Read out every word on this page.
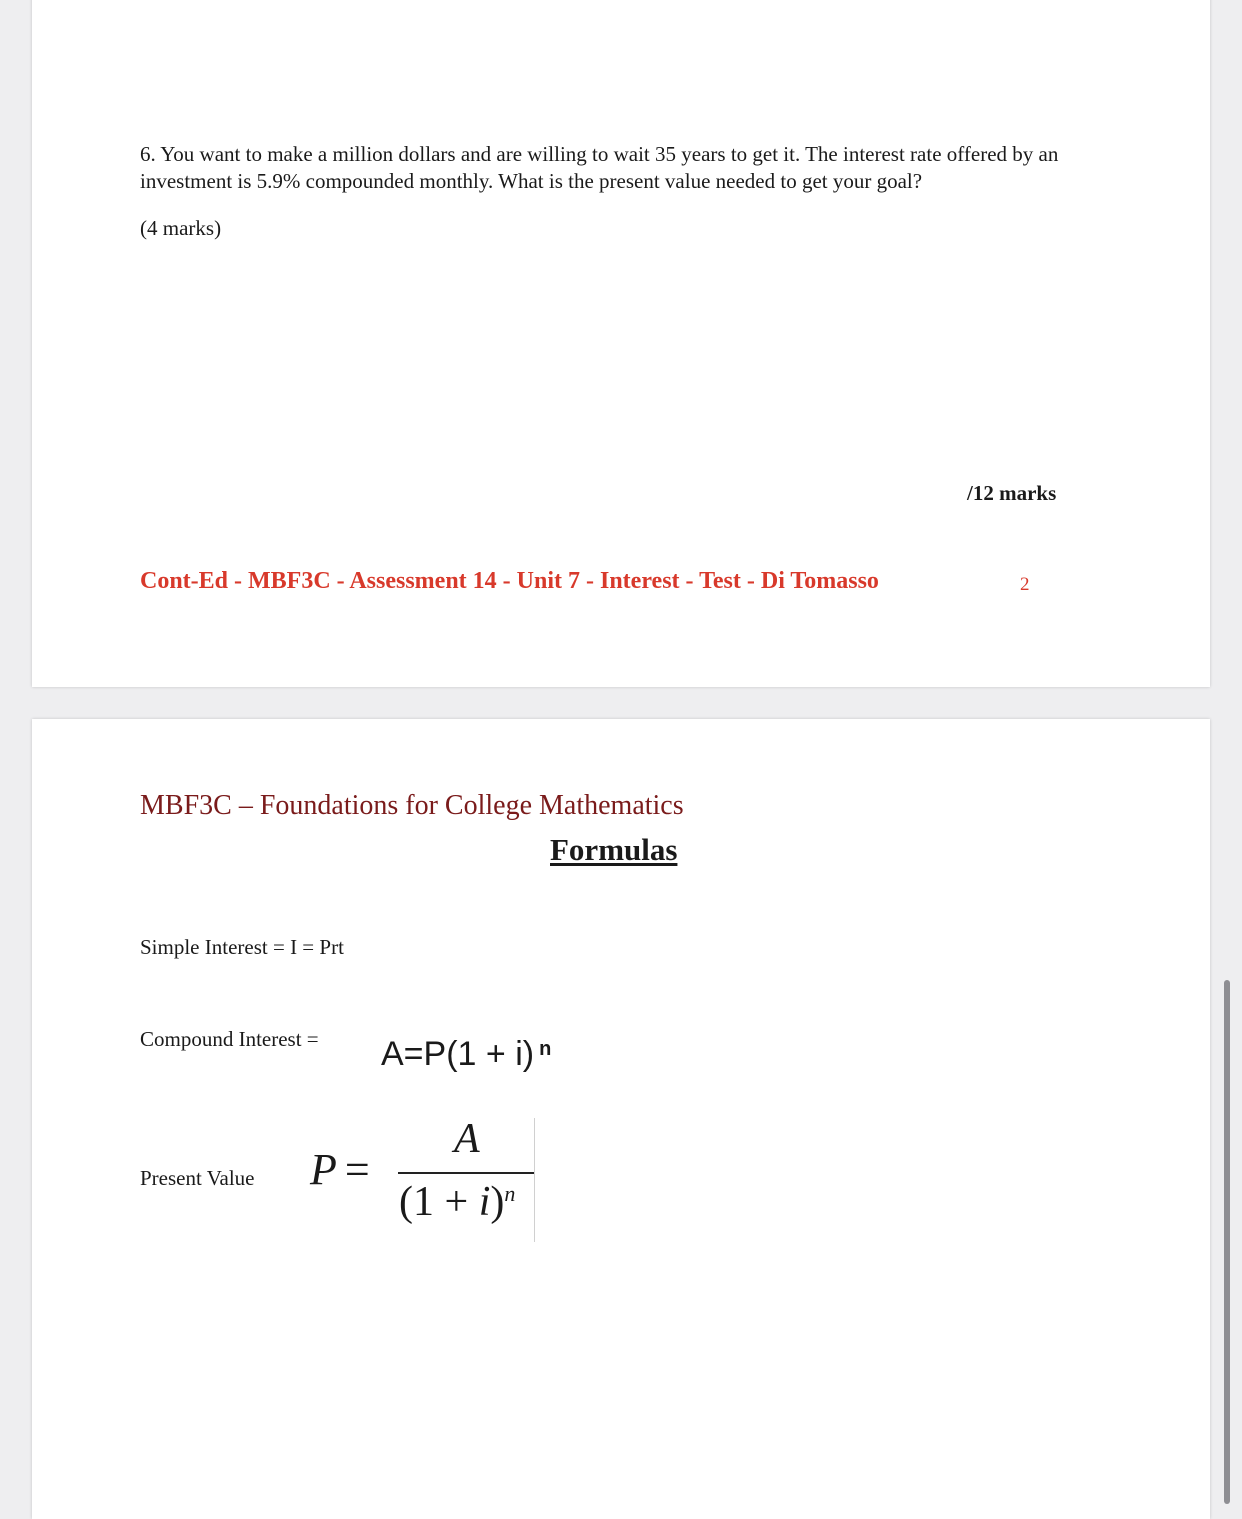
6. You want to make a million dollars and are willing to wait 35 years to get it. The interest rate offered by an investment is 5.9% compounded monthly. What is the present value needed to get your goal?
(4 marks)
/12 marks
Cont-Ed - MBF3C - Assessment 14 - Unit 7 - Interest - Test - Di Tomasso	2
MBF3C – Foundations for College Mathematics
Formulas
Simple Interest = I = Prt
Compound Interest = A=P(1 + i) $^n$
Present Value P =
A
$(1 + i)^n$
